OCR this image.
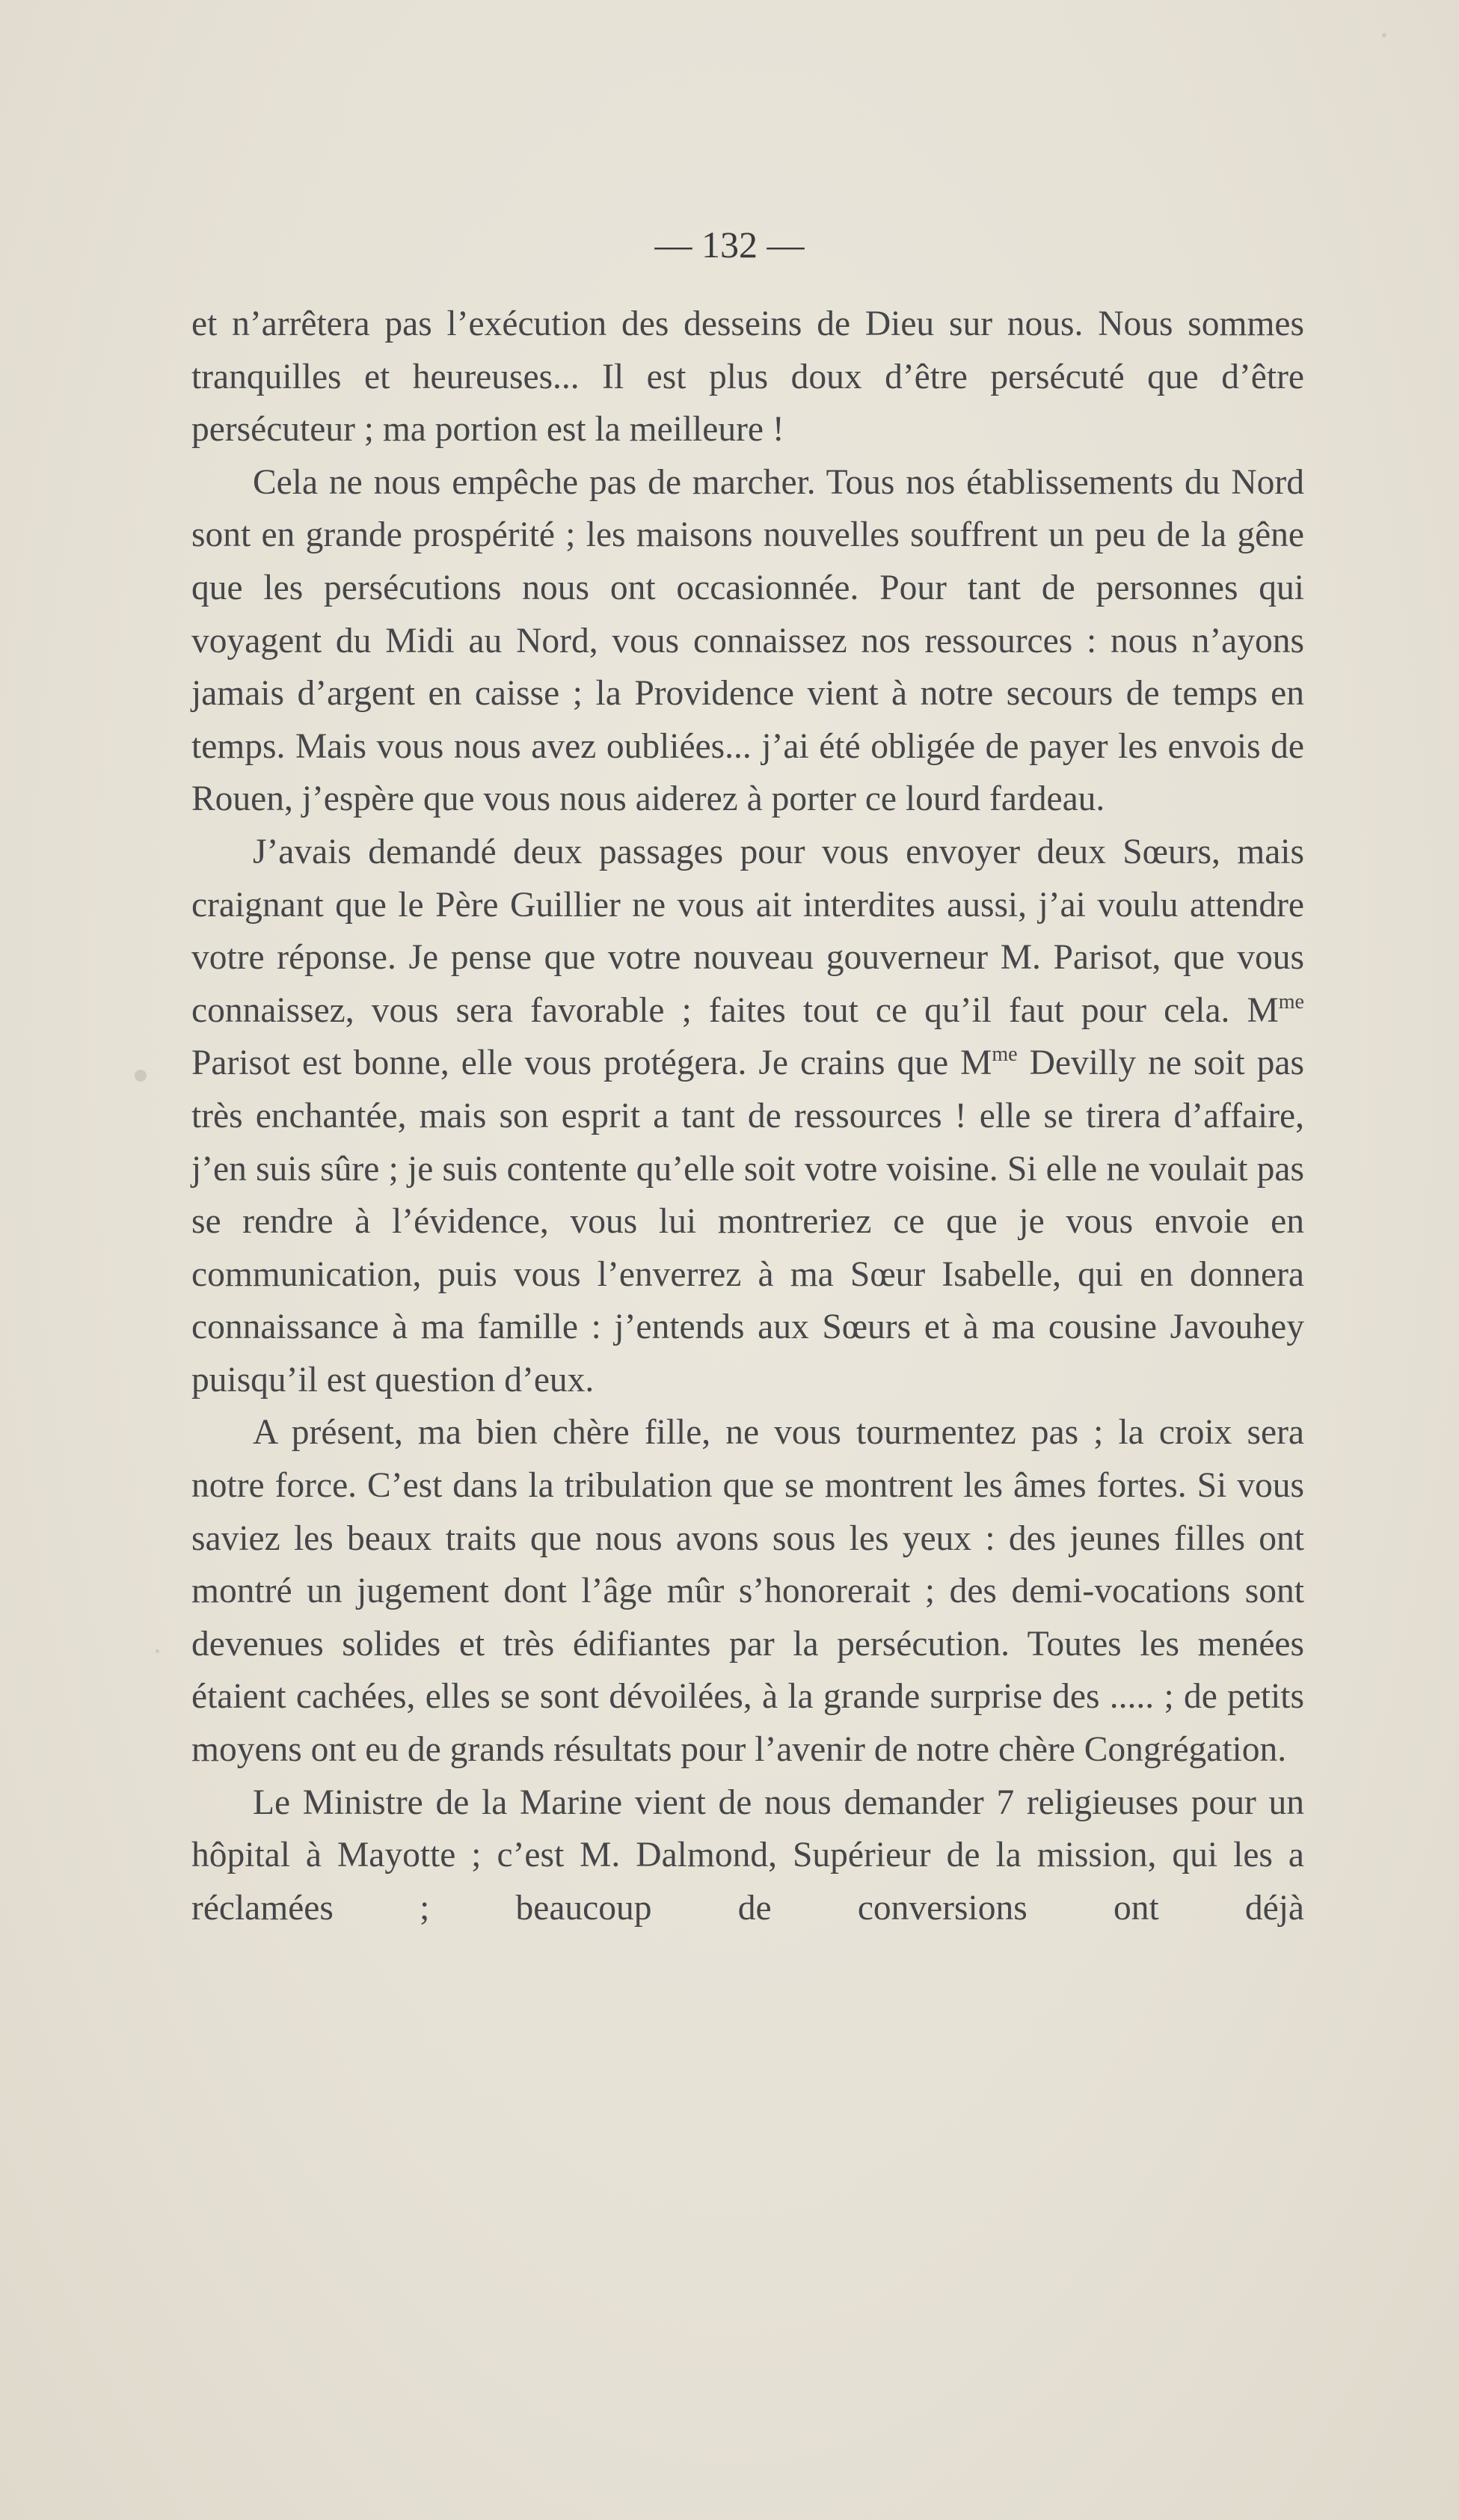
— 132 —

et n’arrêtera pas l’exécution des desseins de Dieu sur nous. Nous sommes tranquilles et heureuses... Il est plus doux d’être persécuté que d’être persécuteur ; ma portion est la meilleure !

Cela ne nous empêche pas de marcher. Tous nos établissements du Nord sont en grande prospérité ; les maisons nouvelles souffrent un peu de la gêne que les persécutions nous ont occasionnée. Pour tant de personnes qui voyagent du Midi au Nord, vous connaissez nos ressources : nous n’ayons jamais d’argent en caisse ; la Providence vient à notre secours de temps en temps. Mais vous nous avez oubliées... j’ai été obligée de payer les envois de Rouen, j’espère que vous nous aiderez à porter ce lourd fardeau.

J’avais demandé deux passages pour vous envoyer deux Sœurs, mais craignant que le Père Guillier ne vous ait interdites aussi, j’ai voulu attendre votre réponse. Je pense que votre nouveau gouverneur M. Parisot, que vous connaissez, vous sera favorable ; faites tout ce qu’il faut pour cela. $M^{me}$ Parisot est bonne, elle vous protégera. Je crains que $M^{me}$ Devilly ne soit pas très enchantée, mais son esprit a tant de ressources ! elle se tirera d’affaire, j’en suis sûre ; je suis contente qu’elle soit votre voisine. Si elle ne voulait pas se rendre à l’évidence, vous lui montreriez ce que je vous envoie en communication, puis vous l’enverrez à ma Sœur Isabelle, qui en donnera connaissance à ma famille : j’entends aux Sœurs et à ma cousine Javouhey puisqu’il est question d’eux.

A présent, ma bien chère fille, ne vous tourmentez pas ; la croix sera notre force. C’est dans la tribulation que se montrent les âmes fortes. Si vous saviez les beaux traits que nous avons sous les yeux : des jeunes filles ont montré un jugement dont l’âge mûr s’honorerait ; des demi-vocations sont devenues solides et très édifiantes par la persécution. Toutes les menées étaient cachées, elles se sont dévoilées, à la grande surprise des ..... ; de petits moyens ont eu de grands résultats pour l’avenir de notre chère Congrégation.

Le Ministre de la Marine vient de nous demander 7 religieuses pour un hôpital à Mayotte ; c’est M. Dalmond, Supérieur de la mission, qui les a réclamées ; beaucoup de conversions ont déjà
